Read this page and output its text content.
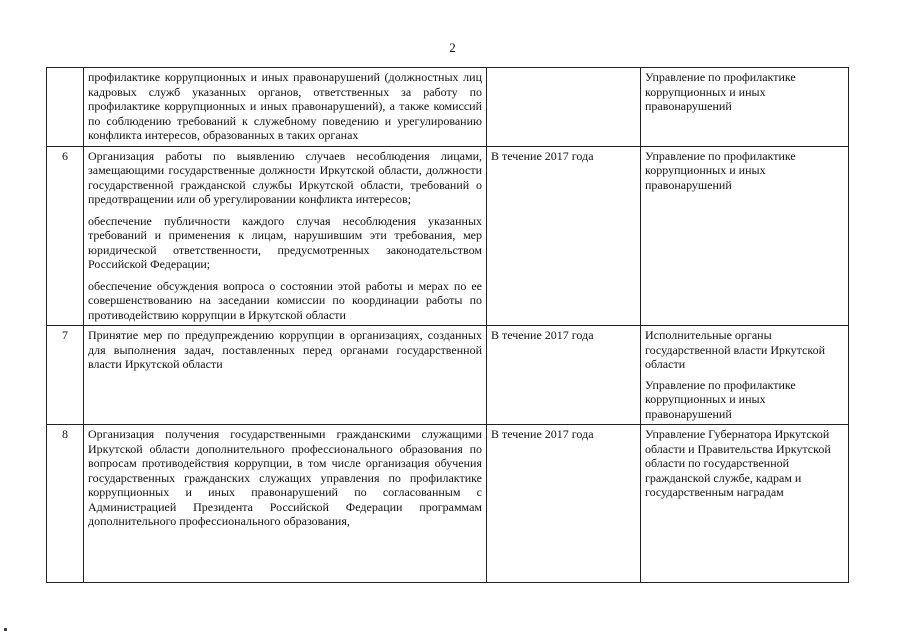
2

	профилактике коррупционных и иных правонарушений (должностных лиц кадровых служб указанных органов, ответственных за работу по профилактике коррупционных и иных правонарушений), а также комиссий по соблюдению требований к служебному поведению и урегулированию конфликта интересов, образованных в таких органах		Управление по профилактике коррупционных и иных правонарушений

6	Организация работы по выявлению случаев несоблюдения лицами, замещающими государственные должности Иркутской области, должности государственной гражданской службы Иркутской области, требований о предотвращении или об урегулировании конфликта интересов;

обеспечение публичности каждого случая несоблюдения указанных требований и применения к лицам, нарушившим эти требования, мер юридической ответственности, предусмотренных законодательством Российской Федерации;

обеспечение обсуждения вопроса о состоянии этой работы и мерах по ее совершенствованию на заседании комиссии по координации работы по противодействию коррупции в Иркутской области	В течение 2017 года	Управление по профилактике коррупционных и иных правонарушений

7	Принятие мер по предупреждению коррупции в организациях, созданных для выполнения задач, поставленных перед органами государственной власти Иркутской области	В течение 2017 года	Исполнительные органы государственной власти Иркутской области

Управление по профилактике коррупционных и иных правонарушений

8	Организация получения государственными гражданскими служащими Иркутской области дополнительного профессионального образования по вопросам противодействия коррупции, в том числе организация обучения государственных гражданских служащих управления по профилактике коррупционных и иных правонарушений по согласованным с Администрацией Президента Российской Федерации программам дополнительного профессионального образования,	В течение 2017 года	Управление Губернатора Иркутской области и Правительства Иркутской области по государственной гражданской службе, кадрам и государственным наградам
